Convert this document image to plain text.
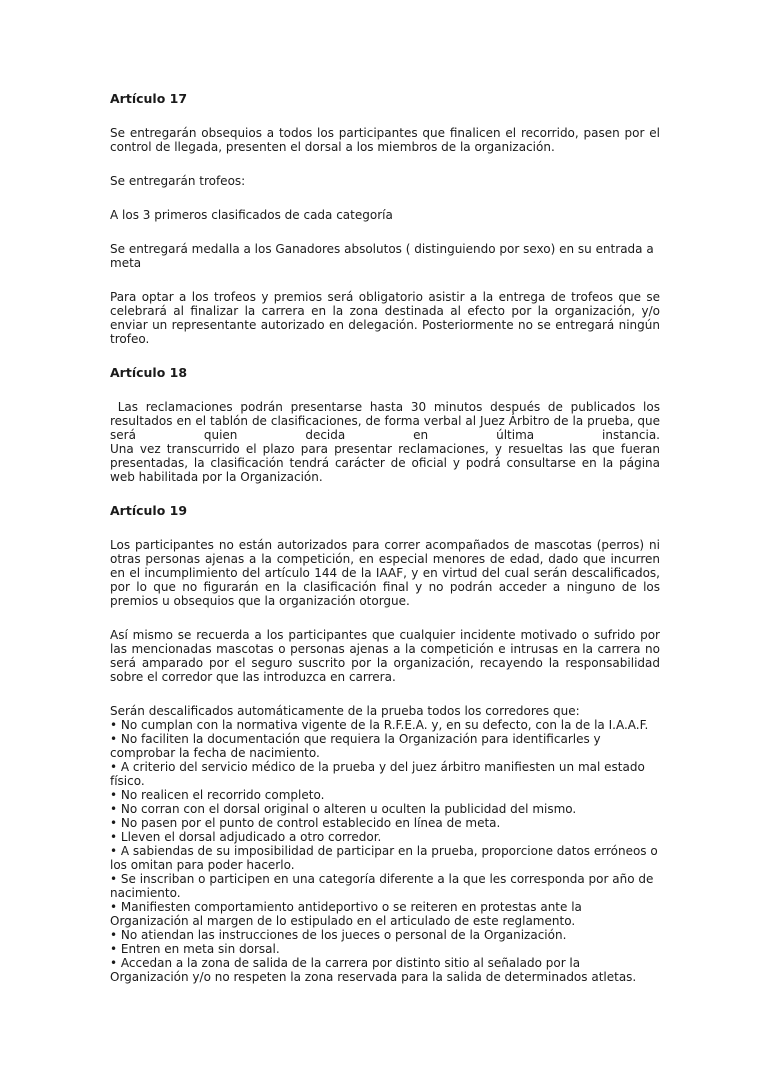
Artículo 17

Se entregarán obsequios a todos los participantes que finalicen el recorrido, pasen por el control de llegada, presenten el dorsal a los miembros de la organización.

Se entregarán trofeos:

A los 3 primeros clasificados de cada categoría

Se entregará medalla a los Ganadores absolutos ( distinguiendo por sexo) en su entrada a meta

Para optar a los trofeos y premios será obligatorio asistir a la entrega de trofeos que se celebrará al finalizar la carrera en la zona destinada al efecto por la organización, y/o enviar un representante autorizado en delegación. Posteriormente no se entregará ningún trofeo.

Artículo 18
Las reclamaciones podrán presentarse hasta 30 minutos después de publicados los resultados en el tablón de clasificaciones, de forma verbal al Juez Árbitro de la prueba, que será quien decida en última instancia.
Una vez transcurrido el plazo para presentar reclamaciones, y resueltas las que fueran presentadas, la clasificación tendrá carácter de oficial y podrá consultarse en la página web habilitada por la Organización.
Artículo 19

Los participantes no están autorizados para correr acompañados de mascotas (perros) ni otras personas ajenas a la competición, en especial menores de edad, dado que incurren en el incumplimiento del artículo 144 de la IAAF, y en virtud del cual serán descalificados, por lo que no figurarán en la clasificación final y no podrán acceder a ninguno de los premios u obsequios que la organización otorgue.

Así mismo se recuerda a los participantes que cualquier incidente motivado o sufrido por las mencionadas mascotas o personas ajenas a la competición e intrusas en la carrera no será amparado por el seguro suscrito por la organización, recayendo la responsabilidad sobre el corredor que las introduzca en carrera.

Serán descalificados automáticamente de la prueba todos los corredores que:

• No cumplan con la normativa vigente de la R.F.E.A. y, en su defecto, con la de la I.A.A.F.
• No faciliten la documentación que requiera la Organización para identificarles y comprobar la fecha de nacimiento.
• A criterio del servicio médico de la prueba y del juez árbitro manifiesten un mal estado físico.
• No realicen el recorrido completo.
• No corran con el dorsal original o alteren u oculten la publicidad del mismo.
• No pasen por el punto de control establecido en línea de meta.
• Lleven el dorsal adjudicado a otro corredor.
• A sabiendas de su imposibilidad de participar en la prueba, proporcione datos erróneos o los omitan para poder hacerlo.
• Se inscriban o participen en una categoría diferente a la que les corresponda por año de nacimiento.
• Manifiesten comportamiento antideportivo o se reiteren en protestas ante la Organización al margen de lo estipulado en el articulado de este reglamento.
• No atiendan las instrucciones de los jueces o personal de la Organización.
• Entren en meta sin dorsal.
• Accedan a la zona de salida de la carrera por distinto sitio al señalado por la Organización y/o no respeten la zona reservada para la salida de determinados atletas.
